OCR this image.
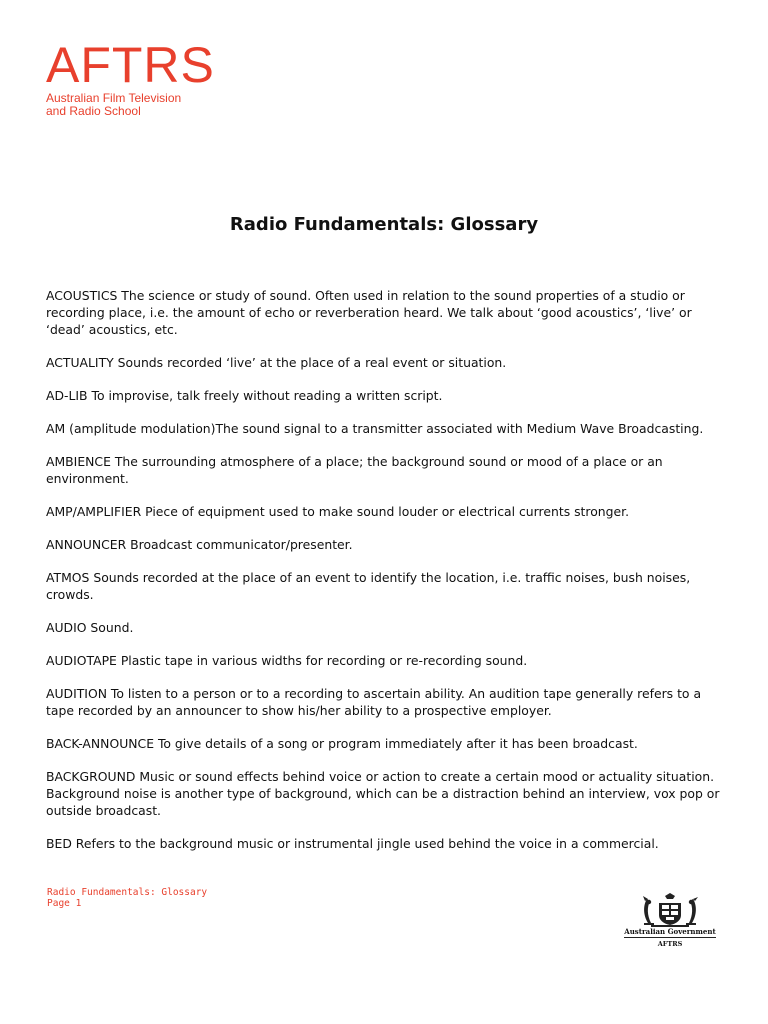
AFTRS
Australian Film Television
and Radio School
Radio Fundamentals: Glossary
ACOUSTICS The science or study of sound. Often used in relation to the sound properties of a studio or recording place, i.e. the amount of echo or reverberation heard. We talk about ‘good acoustics’, ‘live’ or ‘dead’ acoustics, etc.
ACTUALITY Sounds recorded ‘live’ at the place of a real event or situation.
AD-LIB To improvise, talk freely without reading a written script.
AM (amplitude modulation)The sound signal to a transmitter associated with Medium Wave Broadcasting.
AMBIENCE The surrounding atmosphere of a place; the background sound or mood of a place or an environment.
AMP/AMPLIFIER Piece of equipment used to make sound louder or electrical currents stronger.
ANNOUNCER Broadcast communicator/presenter.
ATMOS Sounds recorded at the place of an event to identify the location, i.e. traffic noises, bush noises, crowds.
AUDIO Sound.
AUDIOTAPE Plastic tape in various widths for recording or re-recording sound.
AUDITION To listen to a person or to a recording to ascertain ability. An audition tape generally refers to a tape recorded by an announcer to show his/her ability to a prospective employer.
BACK-ANNOUNCE To give details of a song or program immediately after it has been broadcast.
BACKGROUND Music or sound effects behind voice or action to create a certain mood or actuality situation. Background noise is another type of background, which can be a distraction behind an interview, vox pop or outside broadcast.
BED Refers to the background music or instrumental jingle used behind the voice in a commercial.
Radio Fundamentals: Glossary
Page 1
Australian Government
AFTRS
